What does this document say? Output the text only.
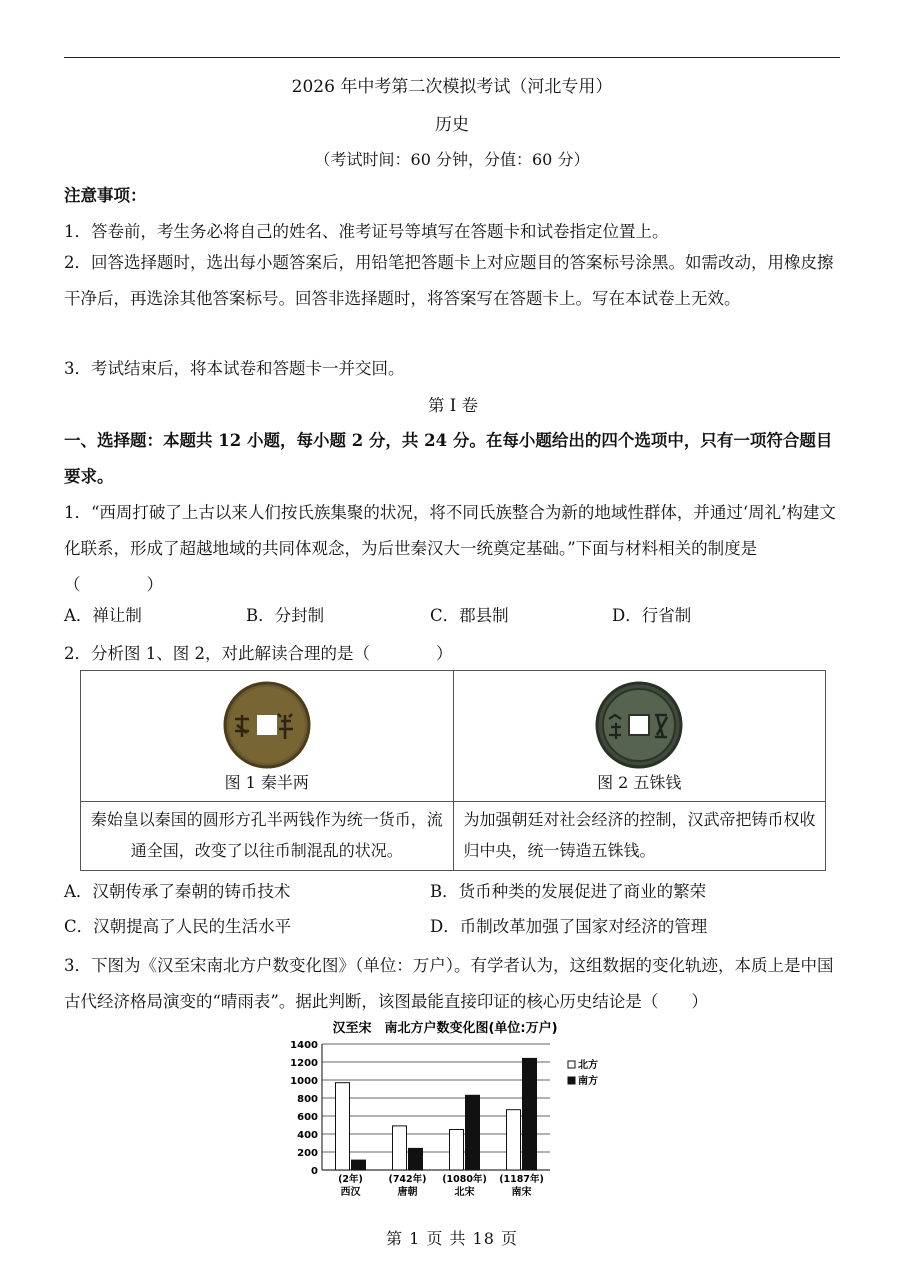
2026 年中考第二次模拟考试（河北专用）
历史
（考试时间：60 分钟，分值：60 分）
注意事项：
1．答卷前，考生务必将自己的姓名、准考证号等填写在答题卡和试卷指定位置上。
2．回答选择题时，选出每小题答案后，用铅笔把答题卡上对应题目的答案标号涂黑。如需改动，用橡皮擦干净后，再选涂其他答案标号。回答非选择题时，将答案写在答题卡上。写在本试卷上无效。
3．考试结束后，将本试卷和答题卡一并交回。
第 I 卷
一、选择题：本题共 12 小题，每小题 2 分，共 24 分。在每小题给出的四个选项中，只有一项符合题目要求。
1．“西周打破了上古以来人们按氏族集聚的状况，将不同氏族整合为新的地域性群体，并通过‘周礼’构建文化联系，形成了超越地域的共同体观念，为后世秦汉大一统奠定基础。”下面与材料相关的制度是（　　　　）
A．禅让制	B．分封制	C．郡县制	D．行省制
2．分析图 1、图 2，对此解读合理的是（　　　　）
图 1 秦半两	图 2 五铢钱

秦始皇以秦国的圆形方孔半两钱作为统一货币，流通全国，改变了以往币制混乱的状况。	为加强朝廷对社会经济的控制，汉武帝把铸币权收归中央，统一铸造五铢钱。
A．汉朝传承了秦朝的铸币技术	B．货币种类的发展促进了商业的繁荣
C．汉朝提高了人民的生活水平	D．币制改革加强了国家对经济的管理
3．下图为《汉至宋南北方户数变化图》（单位：万户）。有学者认为，这组数据的变化轨迹，本质上是中国古代经济格局演变的“晴雨表”。据此判断，该图最能直接印证的核心历史结论是（　　）
汉至宋　南北方户数变化图(单位:万户)
0
200
400
600
800
1000
1200
1400
(2年)
西汉
(742年)
唐朝
(1080年)
北宋
(1187年)
南宋
北方
南方
第 1 页 共 18 页
